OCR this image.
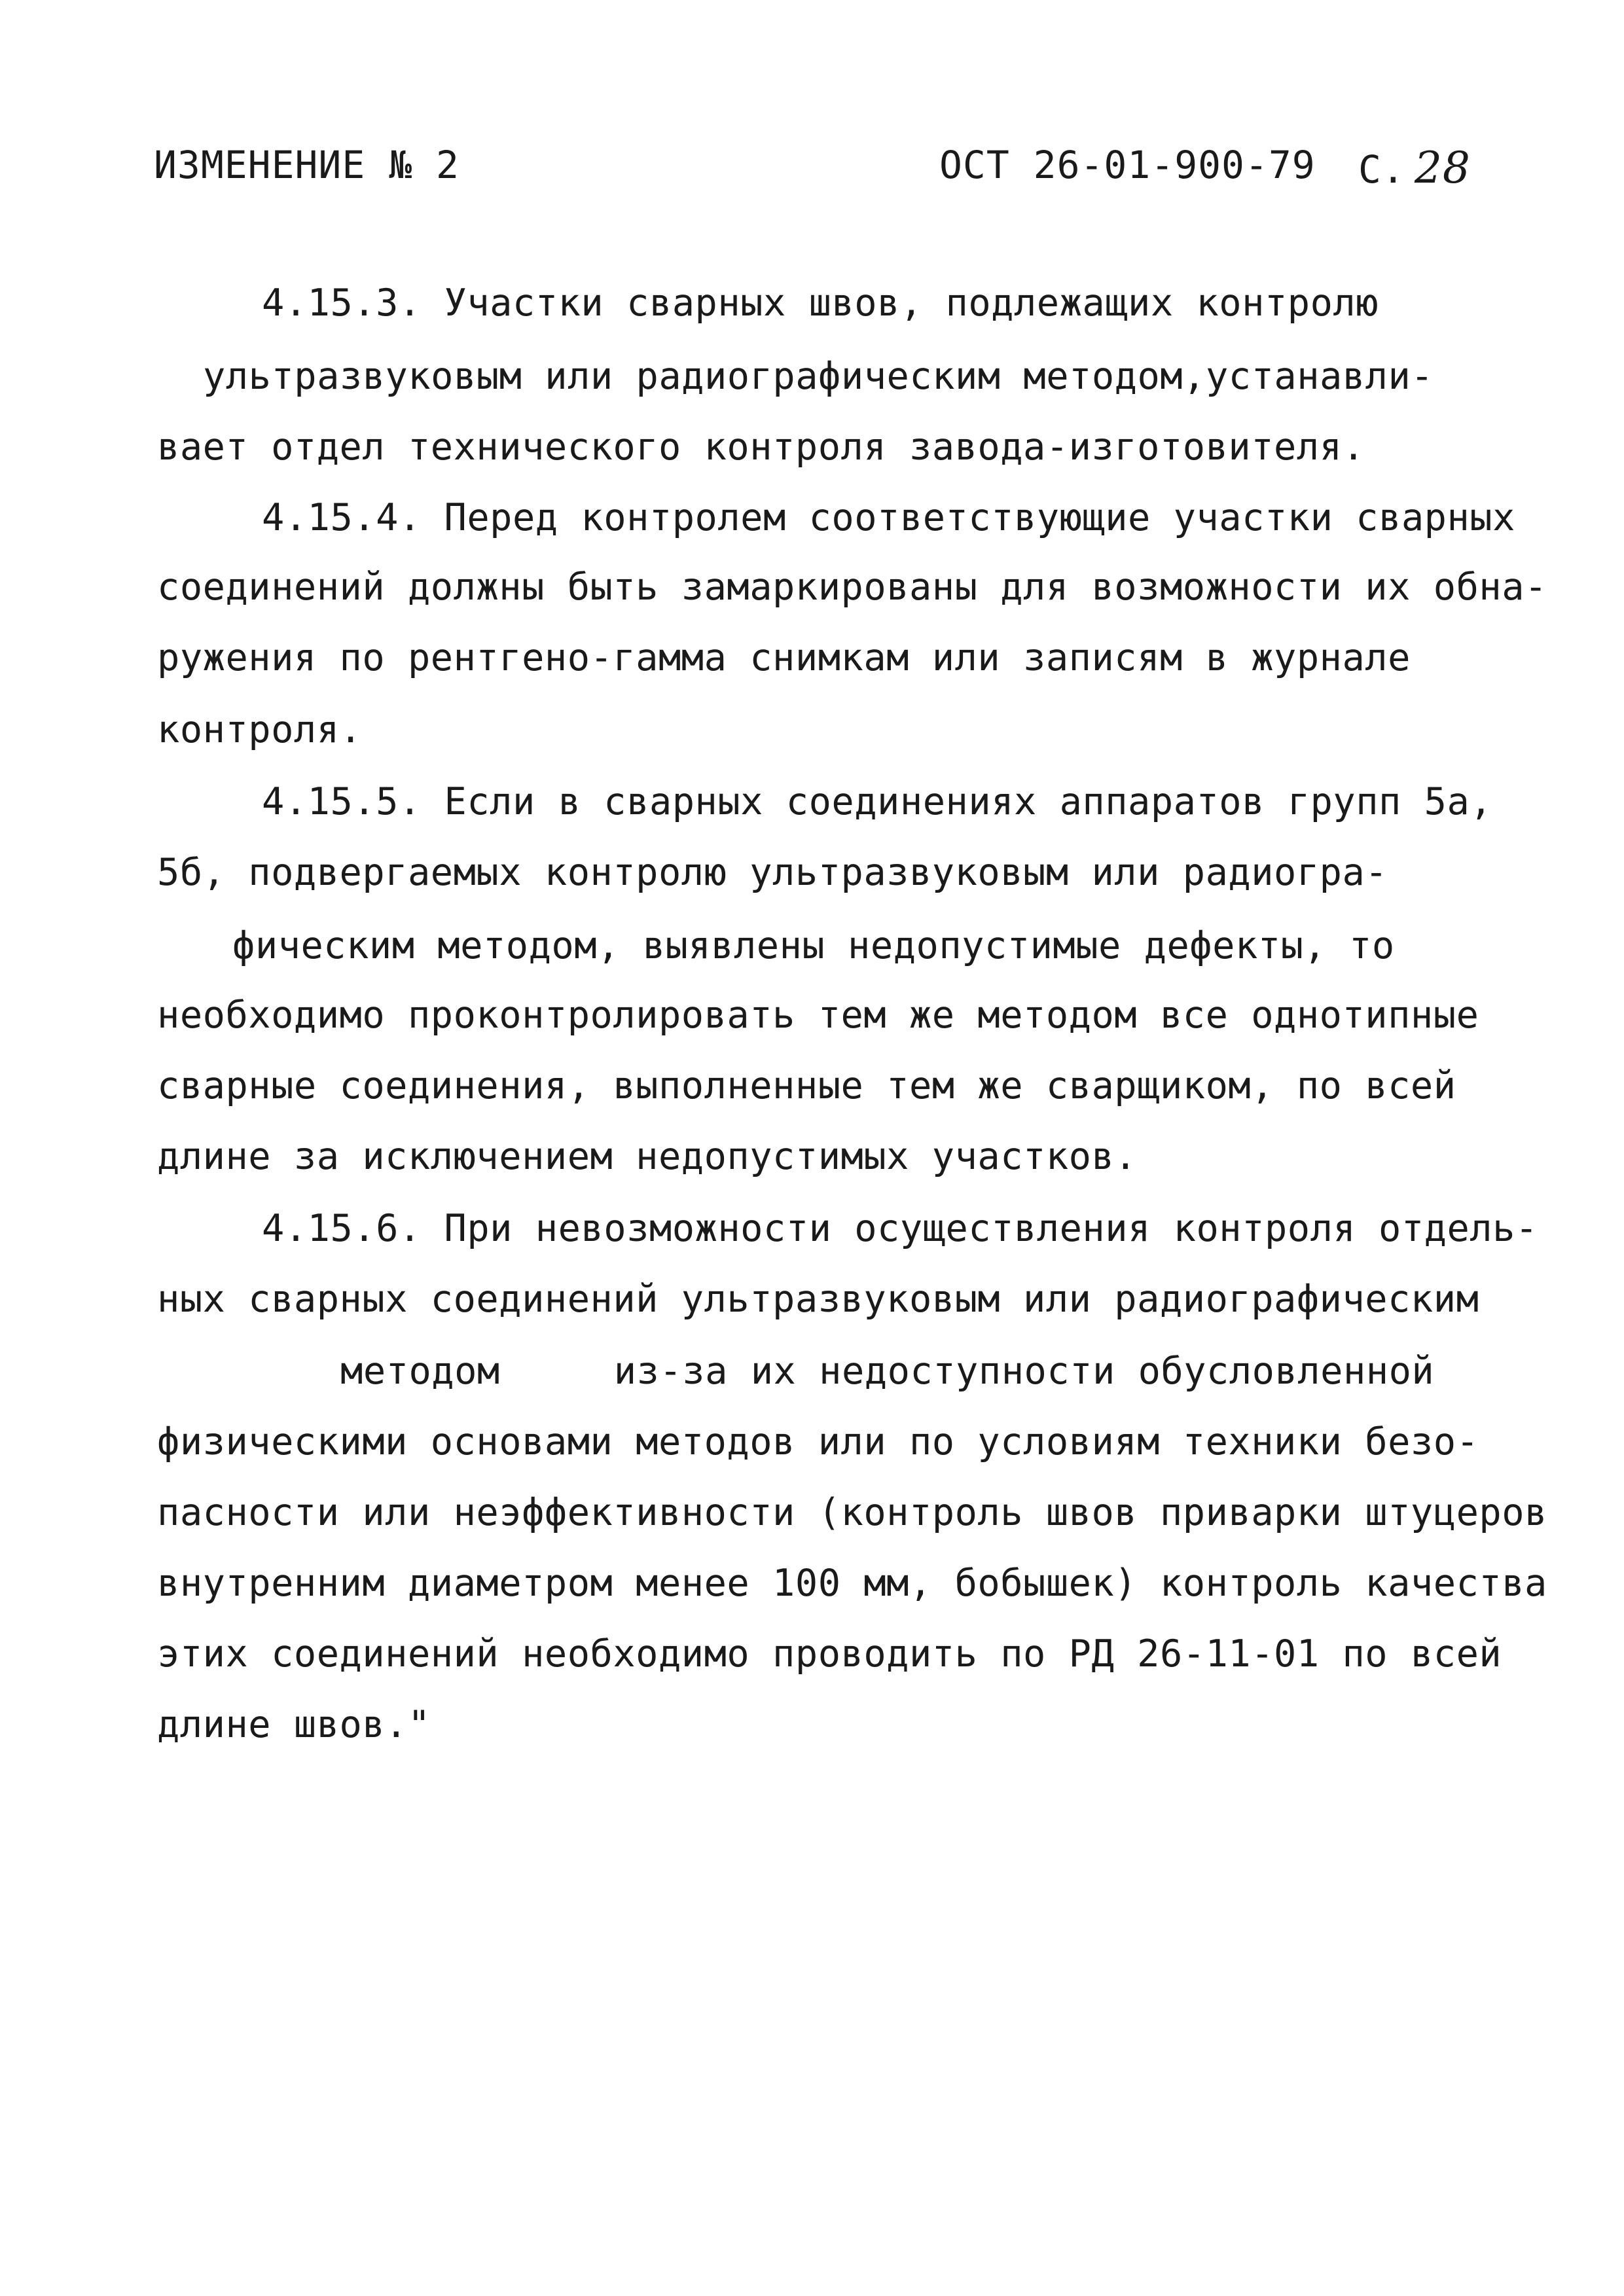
ИЗМЕНЕНИЕ № 2	ОСТ 26-01-900-79 С. 28
4.15.3. Участки сварных швов, подлежащих контролю
ультразвуковым или радиографическим методом,устанавли-
вает отдел технического контроля завода-изготовителя.
4.15.4. Перед контролем соответствующие участки сварных
соединений должны быть замаркированы для возможности их обна-
ружения по рентгено-гамма снимкам или записям в журнале
контроля.
4.15.5. Если в сварных соединениях аппаратов групп 5а,
5б, подвергаемых контролю ультразвуковым или радиогра-
фическим методом, выявлены недопустимые дефекты, то
необходимо проконтролировать тем же методом все однотипные
сварные соединения, выполненные тем же сварщиком, по всей
длине за исключением недопустимых участков.
4.15.6. При невозможности осуществления контроля отдель-
ных сварных соединений ультразвуковым или радиографическим
методом     из-за их недоступности обусловленной
физическими основами методов или по условиям техники безо-
пасности или неэффективности (контроль швов приварки штуцеров
внутренним диаметром менее 100 мм, бобышек) контроль качества
этих соединений необходимо проводить по РД 26-11-01 по всей
длине швов."
